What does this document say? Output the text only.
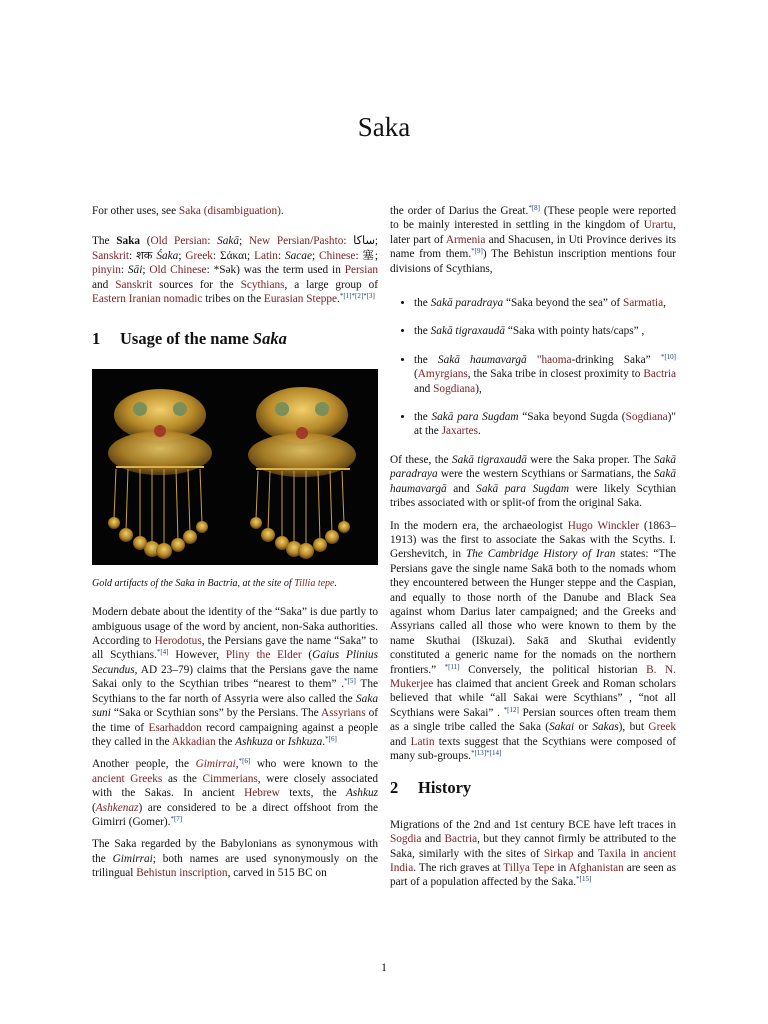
Saka

For other uses, see Saka (disambiguation).

The Saka (Old Persian: Sakā; New Persian/Pashto: ساکا; Sanskrit: शक Śaka; Greek: Σάκαι; Latin: Sacae; Chinese: 塞; pinyin: Sāi; Old Chinese: *Sək) was the term used in Persian and Sanskrit sources for the Scythians, a large group of Eastern Iranian nomadic tribes on the Eurasian Steppe.$^{*[1]*[2]*[3]}$

1 Usage of the name Saka
Gold artifacts of the Saka in Bactria, at the site of Tillia tepe.

Modern debate about the identity of the “Saka” is due partly to ambiguous usage of the word by ancient, non-Saka authorities. According to Herodotus, the Persians gave the name “Saka” to all Scythians.$^{*[4]}$ However, Pliny the Elder (Gaius Plinius Secundus, AD 23–79) claims that the Persians gave the name Sakai only to the Scythian tribes “nearest to them” .$^{*[5]}$ The Scythians to the far north of Assyria were also called the Saka suni “Saka or Scythian sons” by the Persians. The Assyrians of the time of Esarhaddon record campaigning against a people they called in the Akkadian the Ashkuza or Ishkuza.$^{*[6]}$

Another people, the Gimirrai,$^{*[6]}$ who were known to the ancient Greeks as the Cimmerians, were closely associated with the Sakas. In ancient Hebrew texts, the Ashkuz (Ashkenaz) are considered to be a direct offshoot from the Gimirri (Gomer).$^{*[7]}$

The Saka regarded by the Babylonians as synonymous with the Gimirrai; both names are used synonymously on the trilingual Behistun inscription, carved in 515 BC on

the order of Darius the Great.$^{*[8]}$ (These people were reported to be mainly interested in settling in the kingdom of Urartu, later part of Armenia and Shacusen, in Uti Province derives its name from them.$^{*[9]}$) The Behistun inscription mentions four divisions of Scythians,

• the Sakā paradraya “Saka beyond the sea” of Sarmatia,
• the Sakā tigraxaudā “Saka with pointy hats/caps” ,
• the Sakā haumavargā "haoma-drinking Saka” $^{*[10]}$ (Amyrgians, the Saka tribe in closest proximity to Bactria and Sogdiana),
• the Sakā para Sugdam “Saka beyond Sugda (Sogdiana)" at the Jaxartes.

Of these, the Sakā tigraxaudā were the Saka proper. The Sakā paradraya were the western Scythians or Sarmatians, the Sakā haumavargā and Sakā para Sugdam were likely Scythian tribes associated with or split-of from the original Saka.

In the modern era, the archaeologist Hugo Winckler (1863–1913) was the first to associate the Sakas with the Scyths. I. Gershevitch, in The Cambridge History of Iran states: “The Persians gave the single name Sakā both to the nomads whom they encountered between the Hunger steppe and the Caspian, and equally to those north of the Danube and Black Sea against whom Darius later campaigned; and the Greeks and Assyrians called all those who were known to them by the name Skuthai (Iškuzai). Sakā and Skuthai evidently constituted a generic name for the nomads on the northern frontiers.” $^{*[11]}$ Conversely, the political historian B. N. Mukerjee has claimed that ancient Greek and Roman scholars believed that while “all Sakai were Scythians” , “not all Scythians were Sakai” . $^{*[12]}$ Persian sources often tream them as a single tribe called the Saka (Sakai or Sakas), but Greek and Latin texts suggest that the Scythians were composed of many sub-groups.$^{*[13]*[14]}$

2 History

Migrations of the 2nd and 1st century BCE have left traces in Sogdia and Bactria, but they cannot firmly be attributed to the Saka, similarly with the sites of Sirkap and Taxila in ancient India. The rich graves at Tillya Tepe in Afghanistan are seen as part of a population affected by the Saka.$^{*[15]}$

1
